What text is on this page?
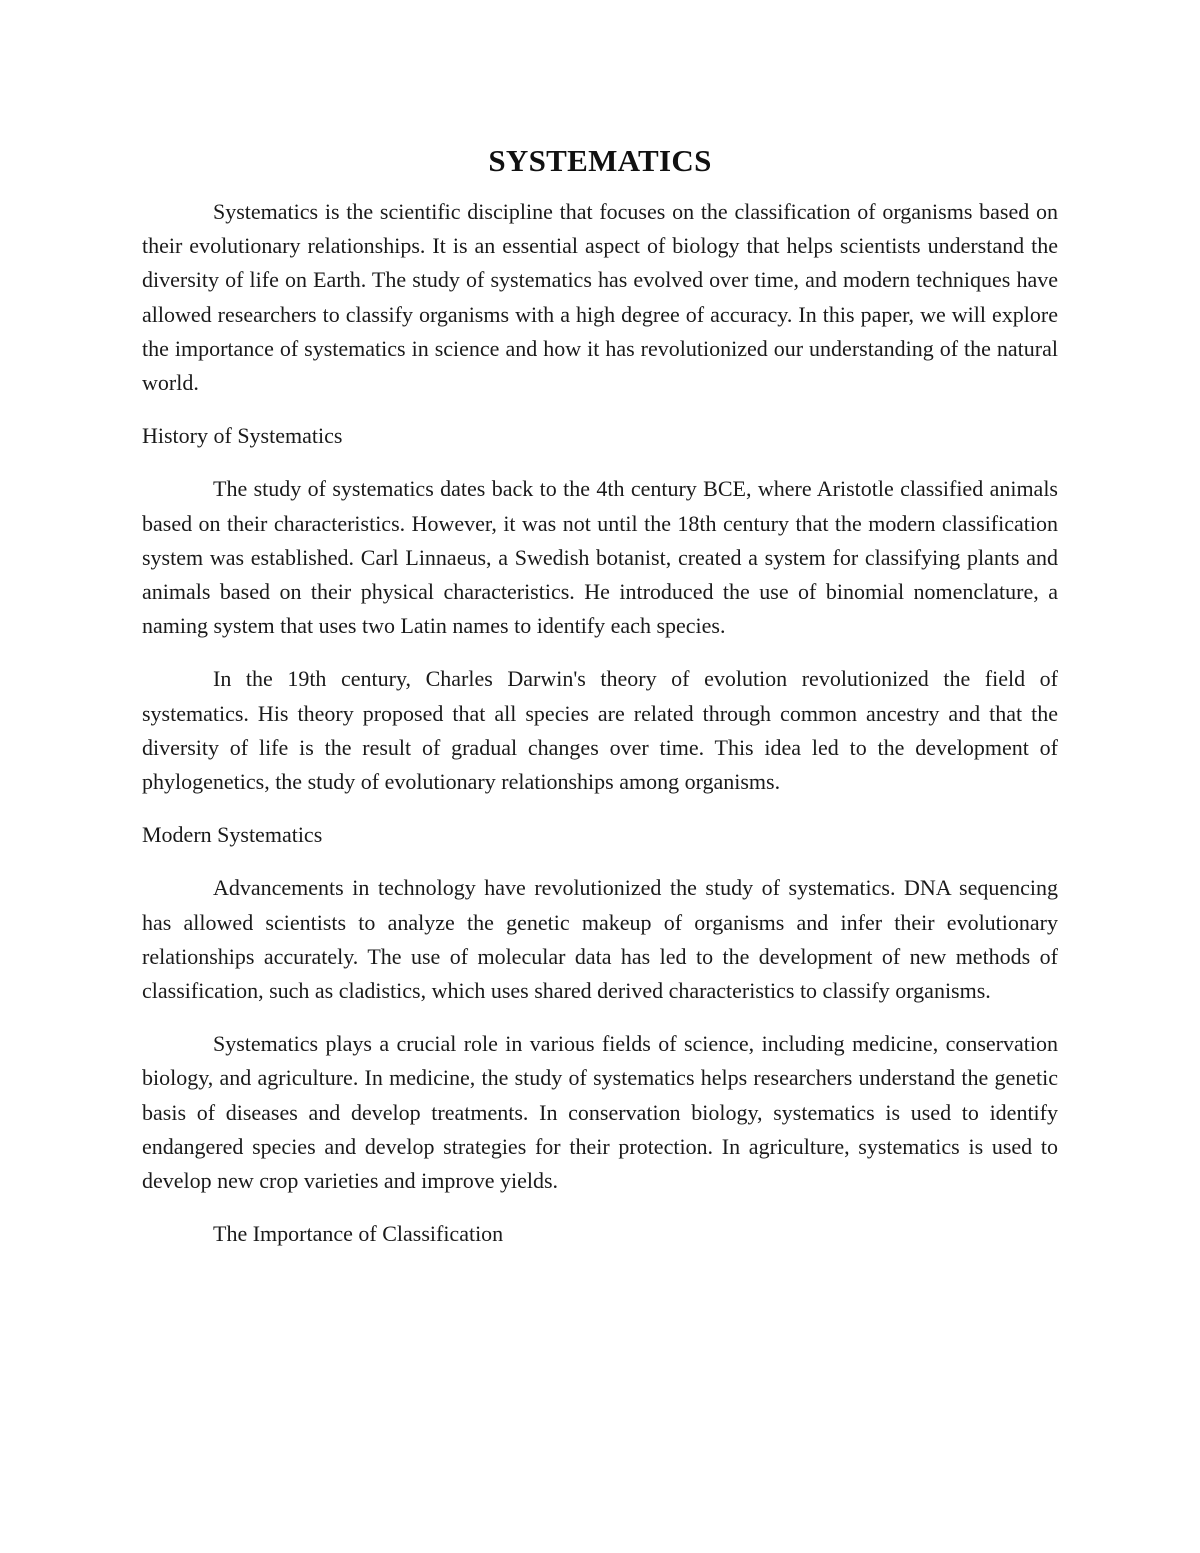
SYSTEMATICS

Systematics is the scientific discipline that focuses on the classification of organisms based on their evolutionary relationships. It is an essential aspect of biology that helps scientists understand the diversity of life on Earth. The study of systematics has evolved over time, and modern techniques have allowed researchers to classify organisms with a high degree of accuracy. In this paper, we will explore the importance of systematics in science and how it has revolutionized our understanding of the natural world.

History of Systematics

The study of systematics dates back to the 4th century BCE, where Aristotle classified animals based on their characteristics. However, it was not until the 18th century that the modern classification system was established. Carl Linnaeus, a Swedish botanist, created a system for classifying plants and animals based on their physical characteristics. He introduced the use of binomial nomenclature, a naming system that uses two Latin names to identify each species.

In the 19th century, Charles Darwin's theory of evolution revolutionized the field of systematics. His theory proposed that all species are related through common ancestry and that the diversity of life is the result of gradual changes over time. This idea led to the development of phylogenetics, the study of evolutionary relationships among organisms.

Modern Systematics

Advancements in technology have revolutionized the study of systematics. DNA sequencing has allowed scientists to analyze the genetic makeup of organisms and infer their evolutionary relationships accurately. The use of molecular data has led to the development of new methods of classification, such as cladistics, which uses shared derived characteristics to classify organisms.

Systematics plays a crucial role in various fields of science, including medicine, conservation biology, and agriculture. In medicine, the study of systematics helps researchers understand the genetic basis of diseases and develop treatments. In conservation biology, systematics is used to identify endangered species and develop strategies for their protection. In agriculture, systematics is used to develop new crop varieties and improve yields.

The Importance of Classification
